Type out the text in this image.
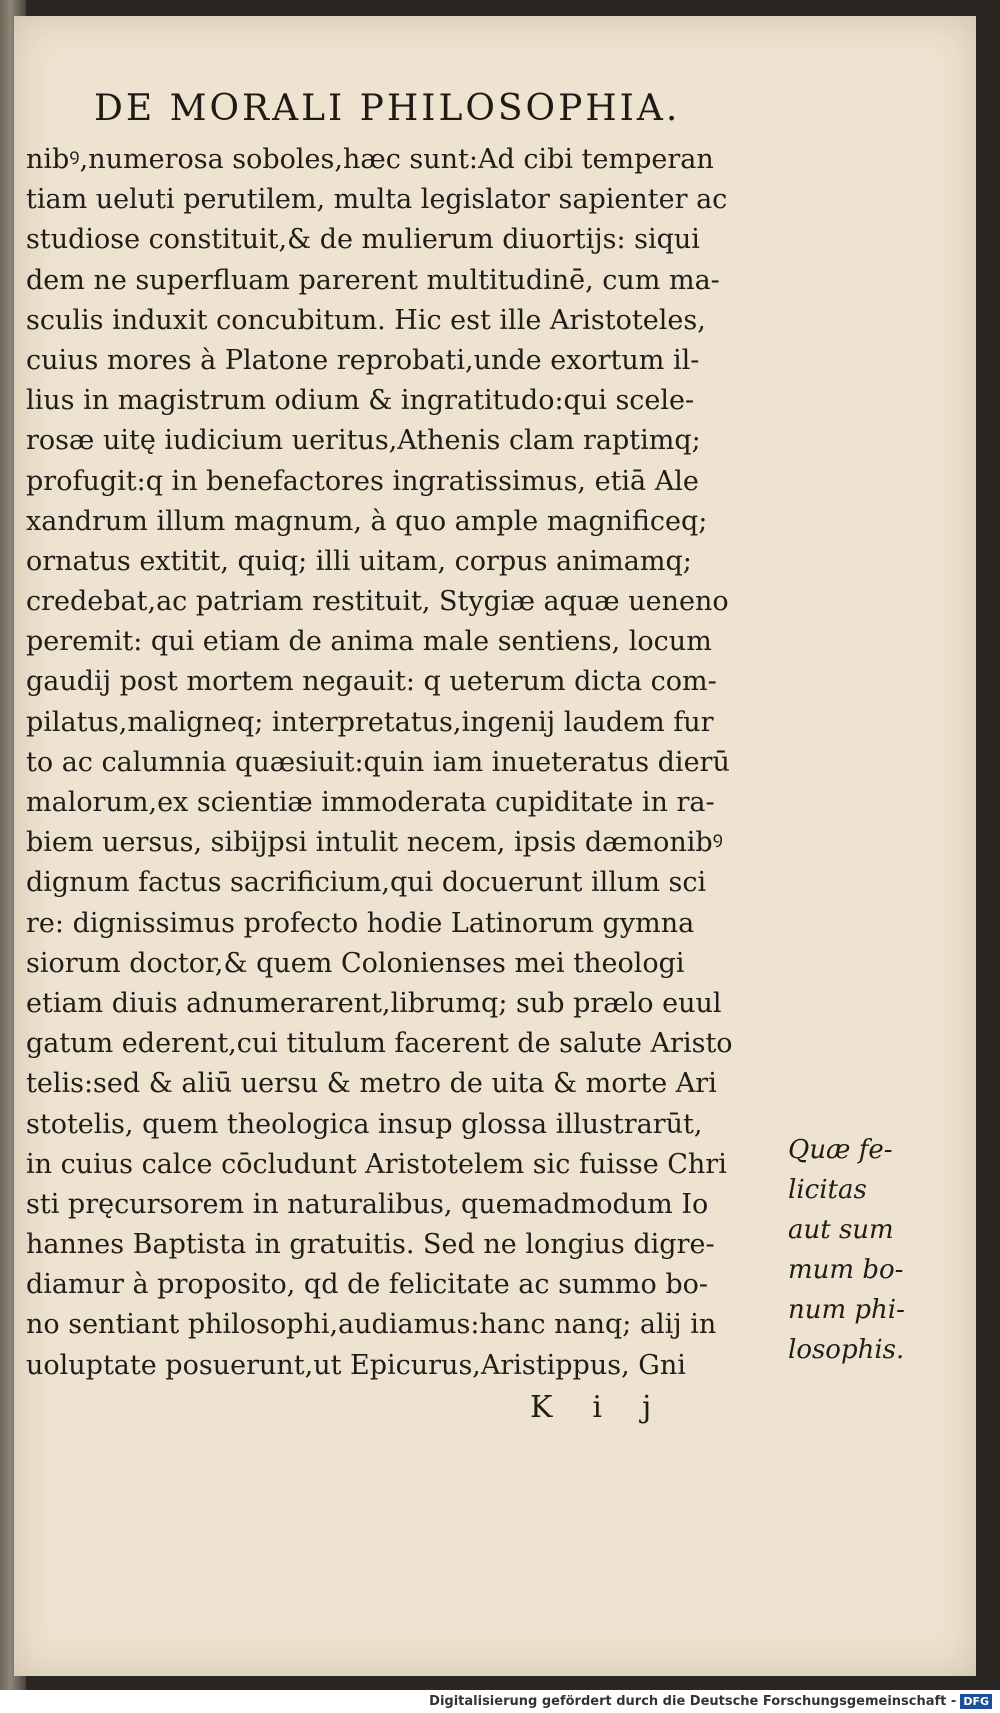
DE MORALI PHILOSOPHIA.
nibꝰ,numerosa soboles,hæc sunt:Ad cibi temperan
tiam ueluti perutilem, multa legislator sapienter ac
studiose constituit,& de mulierum diuortijs: siqui
dem ne superfluam parerent multitudinē, cum ma-
sculis induxit concubitum. Hic est ille Aristoteles,
cuius mores à Platone reprobati,unde exortum il-
lius in magistrum odium & ingratitudo:qui scele-
rosæ uitę iudicium ueritus,Athenis clam raptimq;
profugit:q in benefactores ingratissimus, etiā Ale
xandrum illum magnum, à quo ample magnificeq;
ornatus extitit, quiq; illi uitam, corpus animamq;
credebat,ac patriam restituit, Stygiæ aquæ ueneno
peremit: qui etiam de anima male sentiens, locum
gaudij post mortem negauit: q ueterum dicta com-
pilatus,maligneq; interpretatus,ingenij laudem fur
to ac calumnia quæsiuit:quin iam inueteratus dierū
malorum,ex scientiæ immoderata cupiditate in ra-
biem uersus, sibijpsi intulit necem, ipsis dæmonibꝰ
dignum factus sacrificium,qui docuerunt illum sci
re: dignissimus profecto hodie Latinorum gymna
siorum doctor,& quem Colonienses mei theologi
etiam diuis adnumerarent,librumq; sub prælo euul
gatum ederent,cui titulum facerent de salute Aristo
telis:sed & aliū uersu & metro de uita & morte Ari
stotelis, quem theologica insup glossa illustrarūt,
in cuius calce cōcludunt Aristotelem sic fuisse Chri
sti pręcursorem in naturalibus, quemadmodum Io
hannes Baptista in gratuitis. Sed ne longius digre-
diamur à proposito, qd de felicitate ac summo bo-
no sentiant philosophi,audiamus:hanc nanq; alij in
uoluptate posuerunt,ut Epicurus,Aristippus, Gni
Quæ fe-
licitas
aut sum
mum bo-
num phi-
losophis.
Kij
Digitalisierung gefördert durch die Deutsche Forschungsgemeinschaft - DFG
